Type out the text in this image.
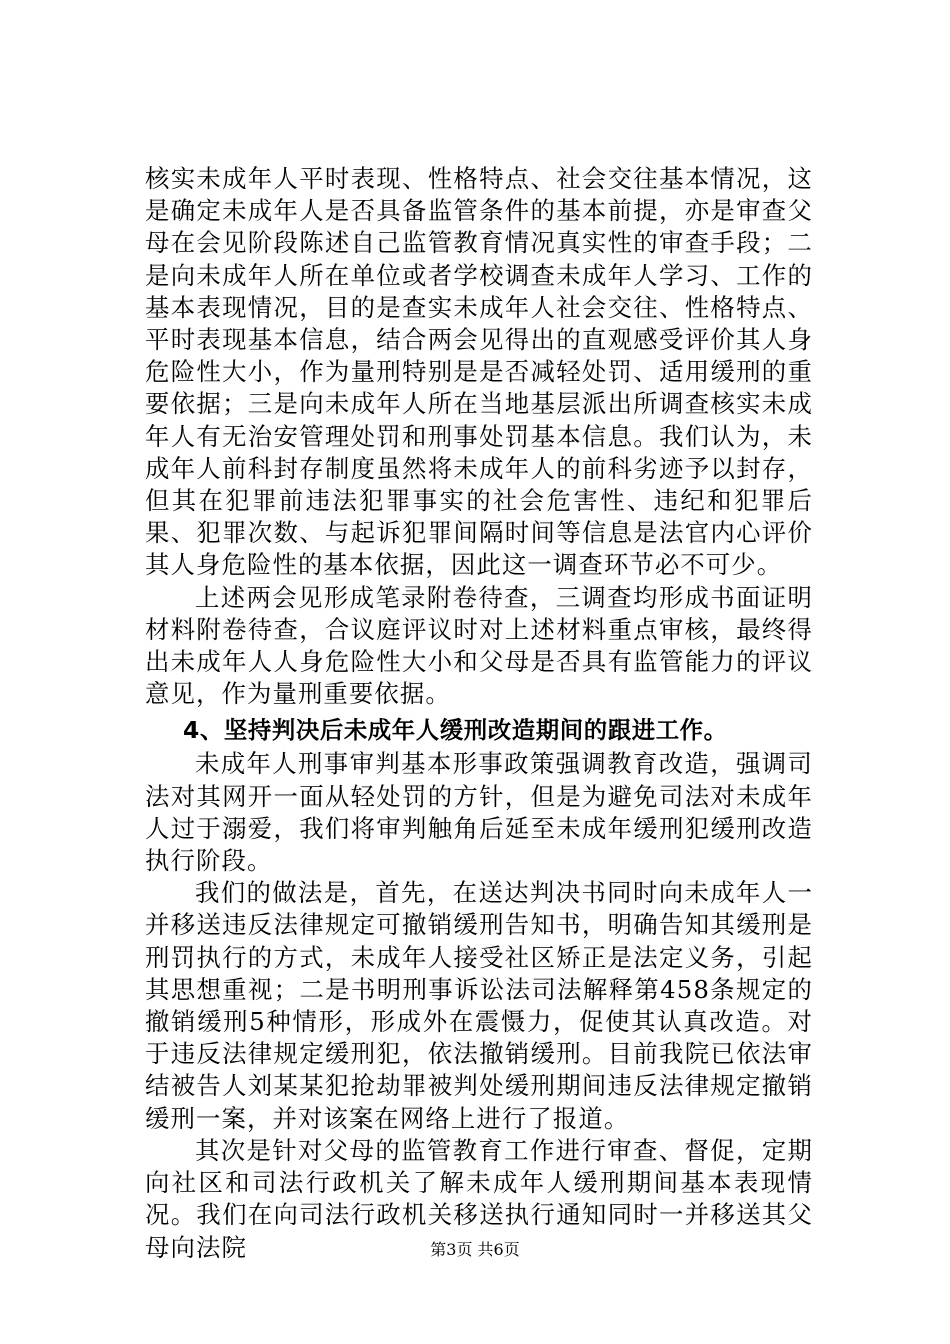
核实未成年人平时表现、性格特点、社会交往基本情况，这是确定未成年人是否具备监管条件的基本前提，亦是审查父母在会见阶段陈述自己监管教育情况真实性的审查手段；二是向未成年人所在单位或者学校调查未成年人学习、工作的基本表现情况，目的是查实未成年人社会交往、性格特点、平时表现基本信息，结合两会见得出的直观感受评价其人身危险性大小，作为量刑特别是是否减轻处罚、适用缓刑的重要依据；三是向未成年人所在当地基层派出所调查核实未成年人有无治安管理处罚和刑事处罚基本信息。我们认为，未成年人前科封存制度虽然将未成年人的前科劣迹予以封存，但其在犯罪前违法犯罪事实的社会危害性、违纪和犯罪后果、犯罪次数、与起诉犯罪间隔时间等信息是法官内心评价其人身危险性的基本依据，因此这一调查环节必不可少。

上述两会见形成笔录附卷待查，三调查均形成书面证明材料附卷待查，合议庭评议时对上述材料重点审核，最终得出未成年人人身危险性大小和父母是否具有监管能力的评议意见，作为量刑重要依据。

4、坚持判决后未成年人缓刑改造期间的跟进工作。

未成年人刑事审判基本形事政策强调教育改造，强调司法对其网开一面从轻处罚的方针，但是为避免司法对未成年人过于溺爱，我们将审判触角后延至未成年缓刑犯缓刑改造执行阶段。

我们的做法是，首先，在送达判决书同时向未成年人一并移送违反法律规定可撤销缓刑告知书，明确告知其缓刑是刑罚执行的方式，未成年人接受社区矫正是法定义务，引起其思想重视；二是书明刑事诉讼法司法解释第458条规定的撤销缓刑5种情形，形成外在震慑力，促使其认真改造。对于违反法律规定缓刑犯，依法撤销缓刑。目前我院已依法审结被告人刘某某犯抢劫罪被判处缓刑期间违反法律规定撤销缓刑一案，并对该案在网络上进行了报道。

其次是针对父母的监管教育工作进行审查、督促，定期向社区和司法行政机关了解未成年人缓刑期间基本表现情况。我们在向司法行政机关移送执行通知同时一并移送其父母向法院	第3页 共6页
